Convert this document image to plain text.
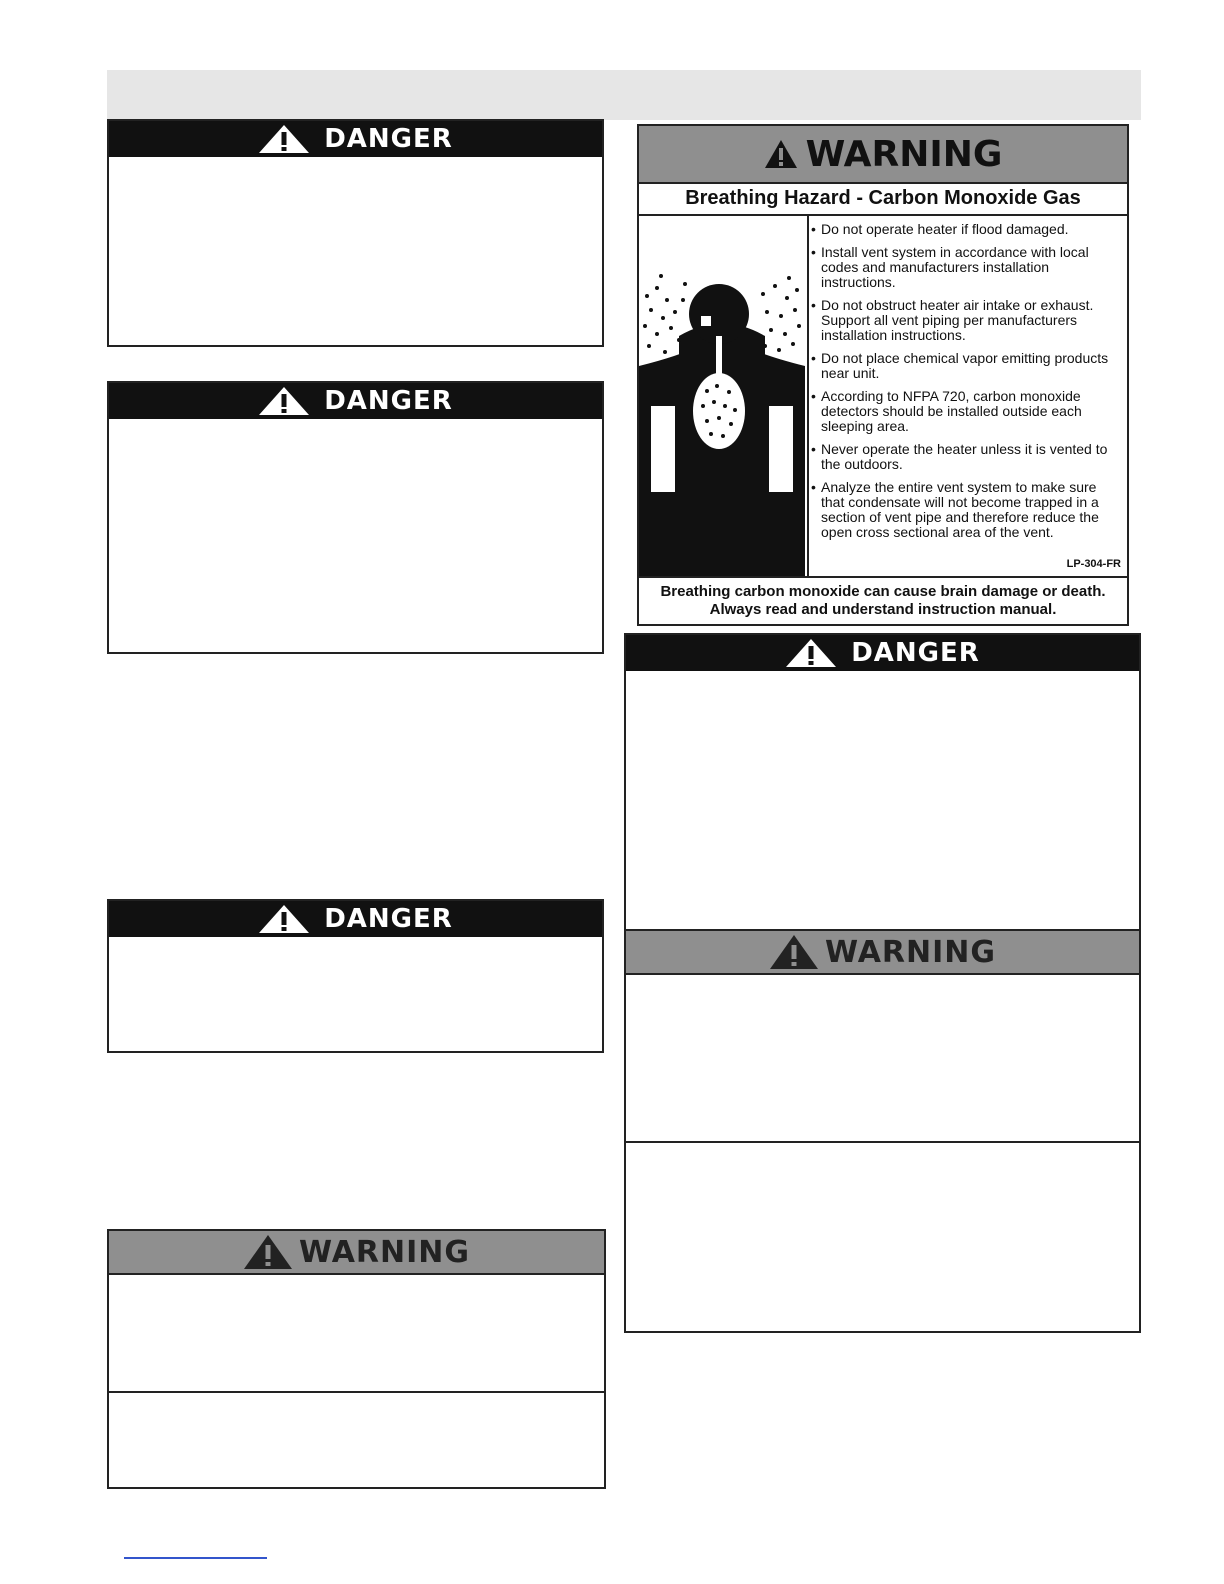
DANGER
DANGER
DANGER
WARNING
WARNING
Breathing Hazard - Carbon Monoxide Gas
• Do not operate heater if flood damaged.
• Install vent system in accordance with local codes and manufacturers installation instructions.
• Do not obstruct heater air intake or exhaust. Support all vent piping per manufacturers installation instructions.
• Do not place chemical vapor emitting products near unit.
• According to NFPA 720, carbon monoxide detectors should be installed outside each sleeping area.
• Never operate the heater unless it is vented to the outdoors.
• Analyze the entire vent system to make sure that condensate will not become trapped in a section of vent pipe and therefore reduce the open cross sectional area of the vent.
LP-304-FR
Breathing carbon monoxide can cause brain damage or death.
Always read and understand instruction manual.
DANGER
WARNING
